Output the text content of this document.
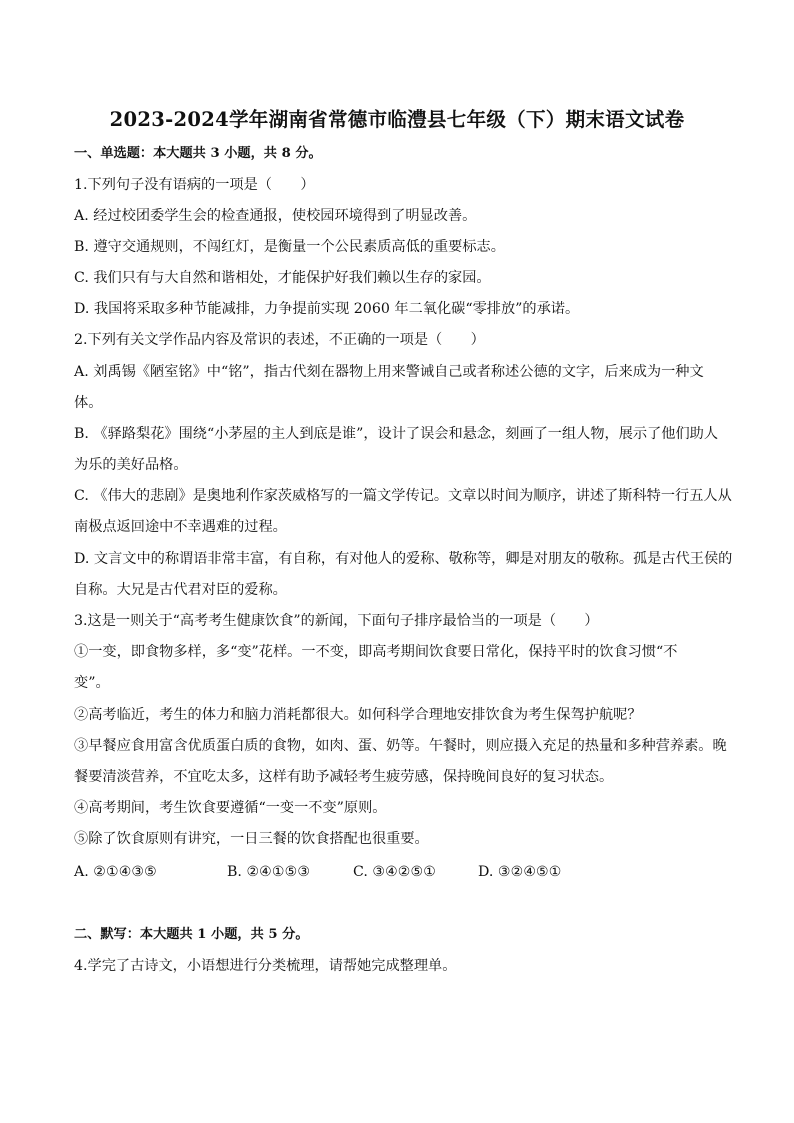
2023-2024学年湖南省常德市临澧县七年级（下）期末语文试卷
一、单选题：本大题共 3 小题，共 8 分。
1.下列句子没有语病的一项是（　　）
A. 经过校团委学生会的检查通报，使校园环境得到了明显改善。
B. 遵守交通规则，不闯红灯，是衡量一个公民素质高低的重要标志。
C. 我们只有与大自然和谐相处，才能保护好我们赖以生存的家园。
D. 我国将采取多种节能减排，力争提前实现 2060 年二氧化碳“零排放”的承诺。
2.下列有关文学作品内容及常识的表述，不正确的一项是（　　）
A. 刘禹锡《陋室铭》中“铭”，指古代刻在器物上用来警诫自己或者称述公德的文字，后来成为一种文
体。
B. 《驿路梨花》围绕“小茅屋的主人到底是谁”，设计了误会和悬念，刻画了一组人物，展示了他们助人
为乐的美好品格。
C. 《伟大的悲剧》是奥地利作家茨威格写的一篇文学传记。文章以时间为顺序，讲述了斯科特一行五人从
南极点返回途中不幸遇难的过程。
D. 文言文中的称谓语非常丰富，有自称，有对他人的爱称、敬称等，卿是对朋友的敬称。孤是古代王侯的
自称。大兄是古代君对臣的爱称。
3.这是一则关于“高考考生健康饮食”的新闻，下面句子排序最恰当的一项是（　　）
①一变，即食物多样，多“变”花样。一不变，即高考期间饮食要日常化，保持平时的饮食习惯“不
变”。
②高考临近，考生的体力和脑力消耗都很大。如何科学合理地安排饮食为考生保驾护航呢？
③早餐应食用富含优质蛋白质的食物，如肉、蛋、奶等。午餐时，则应摄入充足的热量和多种营养素。晚
餐要清淡营养，不宜吃太多，这样有助予减轻考生疲劳感，保持晚间良好的复习状态。
④高考期间，考生饮食要遵循“一变一不变”原则。
⑤除了饮食原则有讲究，一日三餐的饮食搭配也很重要。
A. ②①④③⑤	B. ②④①⑤③	C. ③④②⑤①	D. ③②④⑤①
二、默写：本大题共 1 小题，共 5 分。
4.学完了古诗文，小语想进行分类梳理，请帮她完成整理单。
